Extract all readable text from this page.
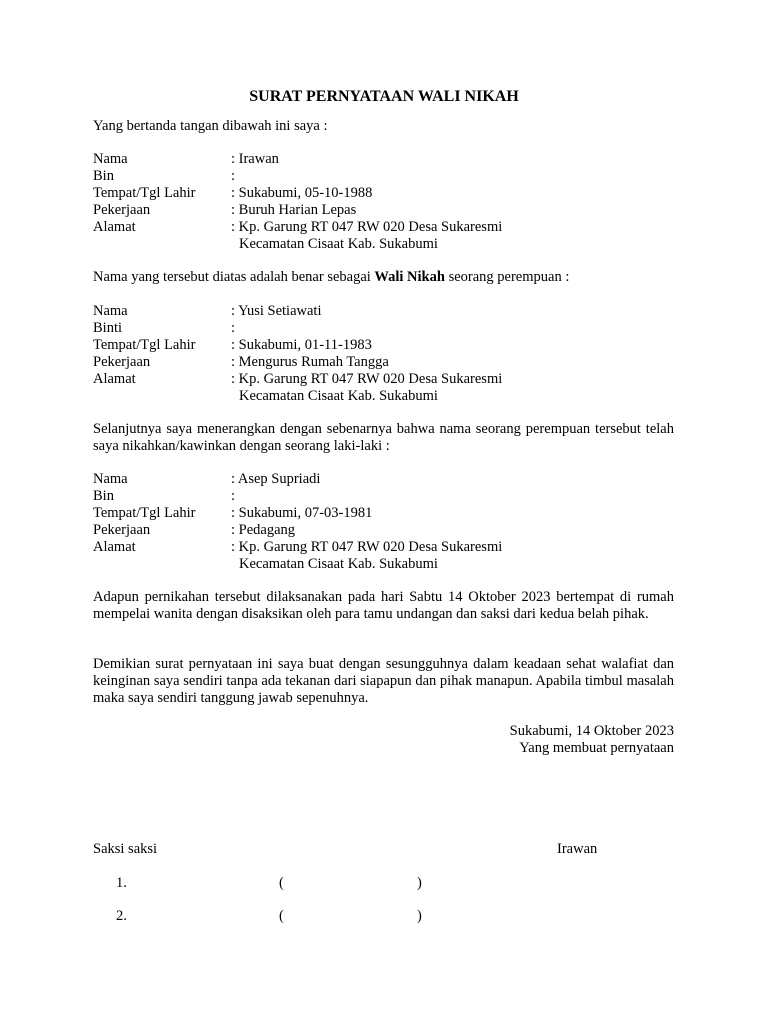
SURAT PERNYATAAN WALI NIKAH
Yang bertanda tangan dibawah ini saya :
Nama	: Irawan
Bin	:
Tempat/Tgl Lahir : Sukabumi, 05-10-1988
Pekerjaan	: Buruh Harian Lepas
Alamat	: Kp. Garung RT 047 RW 020 Desa Sukaresmi
Kecamatan Cisaat Kab. Sukabumi
Nama yang tersebut diatas adalah benar sebagai Wali Nikah seorang perempuan :
Nama	: Yusi Setiawati
Binti	:
Tempat/Tgl Lahir : Sukabumi, 01-11-1983
Pekerjaan	: Mengurus Rumah Tangga
Alamat	: Kp. Garung RT 047 RW 020 Desa Sukaresmi
Kecamatan Cisaat Kab. Sukabumi
Selanjutnya saya menerangkan dengan sebenarnya bahwa nama seorang perempuan tersebut telah saya nikahkan/kawinkan dengan seorang laki-laki :
Nama	: Asep Supriadi
Bin	:
Tempat/Tgl Lahir : Sukabumi, 07-03-1981
Pekerjaan	: Pedagang
Alamat	: Kp. Garung RT 047 RW 020 Desa Sukaresmi
Kecamatan Cisaat Kab. Sukabumi
Adapun pernikahan tersebut dilaksanakan pada hari Sabtu 14 Oktober 2023 bertempat di rumah mempelai wanita dengan disaksikan oleh para tamu undangan dan saksi dari kedua belah pihak.
Demikian surat pernyataan ini saya buat dengan sesungguhnya dalam keadaan sehat walafiat dan keinginan saya sendiri tanpa ada tekanan dari siapapun dan pihak manapun. Apabila timbul masalah maka saya sendiri tanggung jawab sepenuhnya.
Sukabumi, 14 Oktober 2023
Yang membuat pernyataan
Saksi saksi	Irawan
1.	(	)
2.	(	)
